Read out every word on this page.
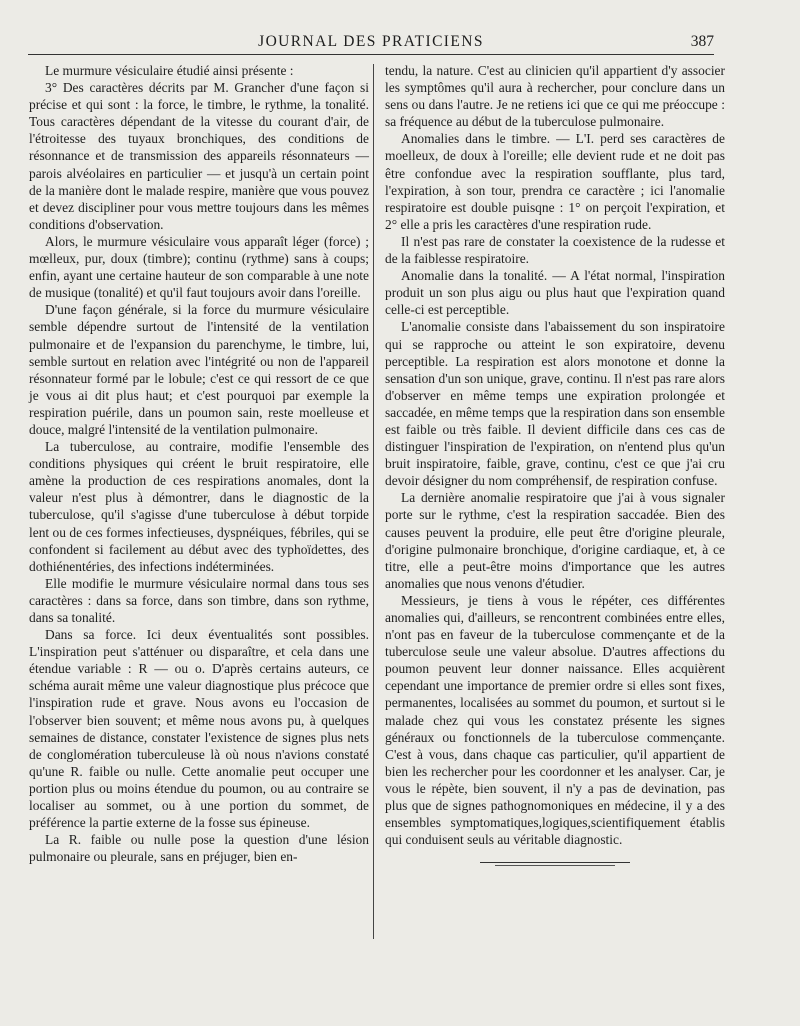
JOURNAL DES PRATICIENS	387

Le murmure vésiculaire étudié ainsi présente :

3° Des caractères décrits par M. Grancher d'une façon si précise et qui sont : la force, le timbre, le rythme, la tonalité. Tous caractères dépendant de la vitesse du courant d'air, de l'étroitesse des tuyaux bronchiques, des conditions de résonnance et de transmission des appareils résonnateurs — parois alvéolaires en particulier — et jusqu'à un certain point de la manière dont le malade respire, manière que vous pouvez et devez discipliner pour vous mettre toujours dans les mêmes conditions d'observation.

Alors, le murmure vésiculaire vous apparaît léger (force) ; mœlleux, pur, doux (timbre); continu (rythme) sans à coups; enfin, ayant une certaine hauteur de son comparable à une note de musique (tonalité) et qu'il faut toujours avoir dans l'oreille.

D'une façon générale, si la force du murmure vésiculaire semble dépendre surtout de l'intensité de la ventilation pulmonaire et de l'expansion du parenchyme, le timbre, lui, semble surtout en relation avec l'intégrité ou non de l'appareil résonnateur formé par le lobule; c'est ce qui ressort de ce que je vous ai dit plus haut; et c'est pourquoi par exemple la respiration puérile, dans un poumon sain, reste moelleuse et douce, malgré l'intensité de la ventilation pulmonaire.

La tuberculose, au contraire, modifie l'ensemble des conditions physiques qui créent le bruit respiratoire, elle amène la production de ces respirations anomales, dont la valeur n'est plus à démontrer, dans le diagnostic de la tuberculose, qu'il s'agisse d'une tuberculose à début torpide lent ou de ces formes infectieuses, dyspnéiques, fébriles, qui se confondent si facilement au début avec des typhoïdettes, des dothiénentéries, des infections indéterminées.

Elle modifie le murmure vésiculaire normal dans tous ses caractères : dans sa force, dans son timbre, dans son rythme, dans sa tonalité.

Dans sa force. Ici deux éventualités sont possibles. L'inspiration peut s'atténuer ou disparaître, et cela dans une étendue variable : R — ou o. D'après certains auteurs, ce schéma aurait même une valeur diagnostique plus précoce que l'inspiration rude et grave. Nous avons eu l'occasion de l'observer bien souvent; et même nous avons pu, à quelques semaines de distance, constater l'existence de signes plus nets de conglomération tuberculeuse là où nous n'avions constaté qu'une R. faible ou nulle. Cette anomalie peut occuper une portion plus ou moins étendue du poumon, ou au contraire se localiser au sommet, ou à une portion du sommet, de préférence la partie externe de la fosse sus épineuse.

La R. faible ou nulle pose la question d'une lésion pulmonaire ou pleurale, sans en préjuger, bien en-

tendu, la nature. C'est au clinicien qu'il appartient d'y associer les symptômes qu'il aura à rechercher, pour conclure dans un sens ou dans l'autre. Je ne retiens ici que ce qui me préoccupe : sa fréquence au début de la tuberculose pulmonaire.

Anomalies dans le timbre. — L'I. perd ses caractères de moelleux, de doux à l'oreille; elle devient rude et ne doit pas être confondue avec la respiration soufflante, plus tard, l'expiration, à son tour, prendra ce caractère ; ici l'anomalie respiratoire est double puisqne : 1° on perçoit l'expiration, et 2° elle a pris les caractères d'une respiration rude.

Il n'est pas rare de constater la coexistence de la rudesse et de la faiblesse respiratoire.

Anomalie dans la tonalité. — A l'état normal, l'inspiration produit un son plus aigu ou plus haut que l'expiration quand celle-ci est perceptible.

L'anomalie consiste dans l'abaissement du son inspiratoire qui se rapproche ou atteint le son expiratoire, devenu perceptible. La respiration est alors monotone et donne la sensation d'un son unique, grave, continu. Il n'est pas rare alors d'observer en même temps une expiration prolongée et saccadée, en même temps que la respiration dans son ensemble est faible ou très faible. Il devient difficile dans ces cas de distinguer l'inspiration de l'expiration, on n'entend plus qu'un bruit inspiratoire, faible, grave, continu, c'est ce que j'ai cru devoir désigner du nom compréhensif, de respiration confuse.

La dernière anomalie respiratoire que j'ai à vous signaler porte sur le rythme, c'est la respiration saccadée. Bien des causes peuvent la produire, elle peut être d'origine pleurale, d'origine pulmonaire bronchique, d'origine cardiaque, et, à ce titre, elle a peut-être moins d'importance que les autres anomalies que nous venons d'étudier.

Messieurs, je tiens à vous le répéter, ces différentes anomalies qui, d'ailleurs, se rencontrent combinées entre elles, n'ont pas en faveur de la tuberculose commençante et de la tuberculose seule une valeur absolue. D'autres affections du poumon peuvent leur donner naissance. Elles acquièrent cependant une importance de premier ordre si elles sont fixes, permanentes, localisées au sommet du poumon, et surtout si le malade chez qui vous les constatez présente les signes généraux ou fonctionnels de la tuberculose commençante. C'est à vous, dans chaque cas particulier, qu'il appartient de bien les rechercher pour les coordonner et les analyser. Car, je vous le répète, bien souvent, il n'y a pas de devination, pas plus que de signes pathognomoniques en médecine, il y a des ensembles symptomatiques,logiques,scientifiquement établis qui conduisent seuls au véritable diagnostic.
